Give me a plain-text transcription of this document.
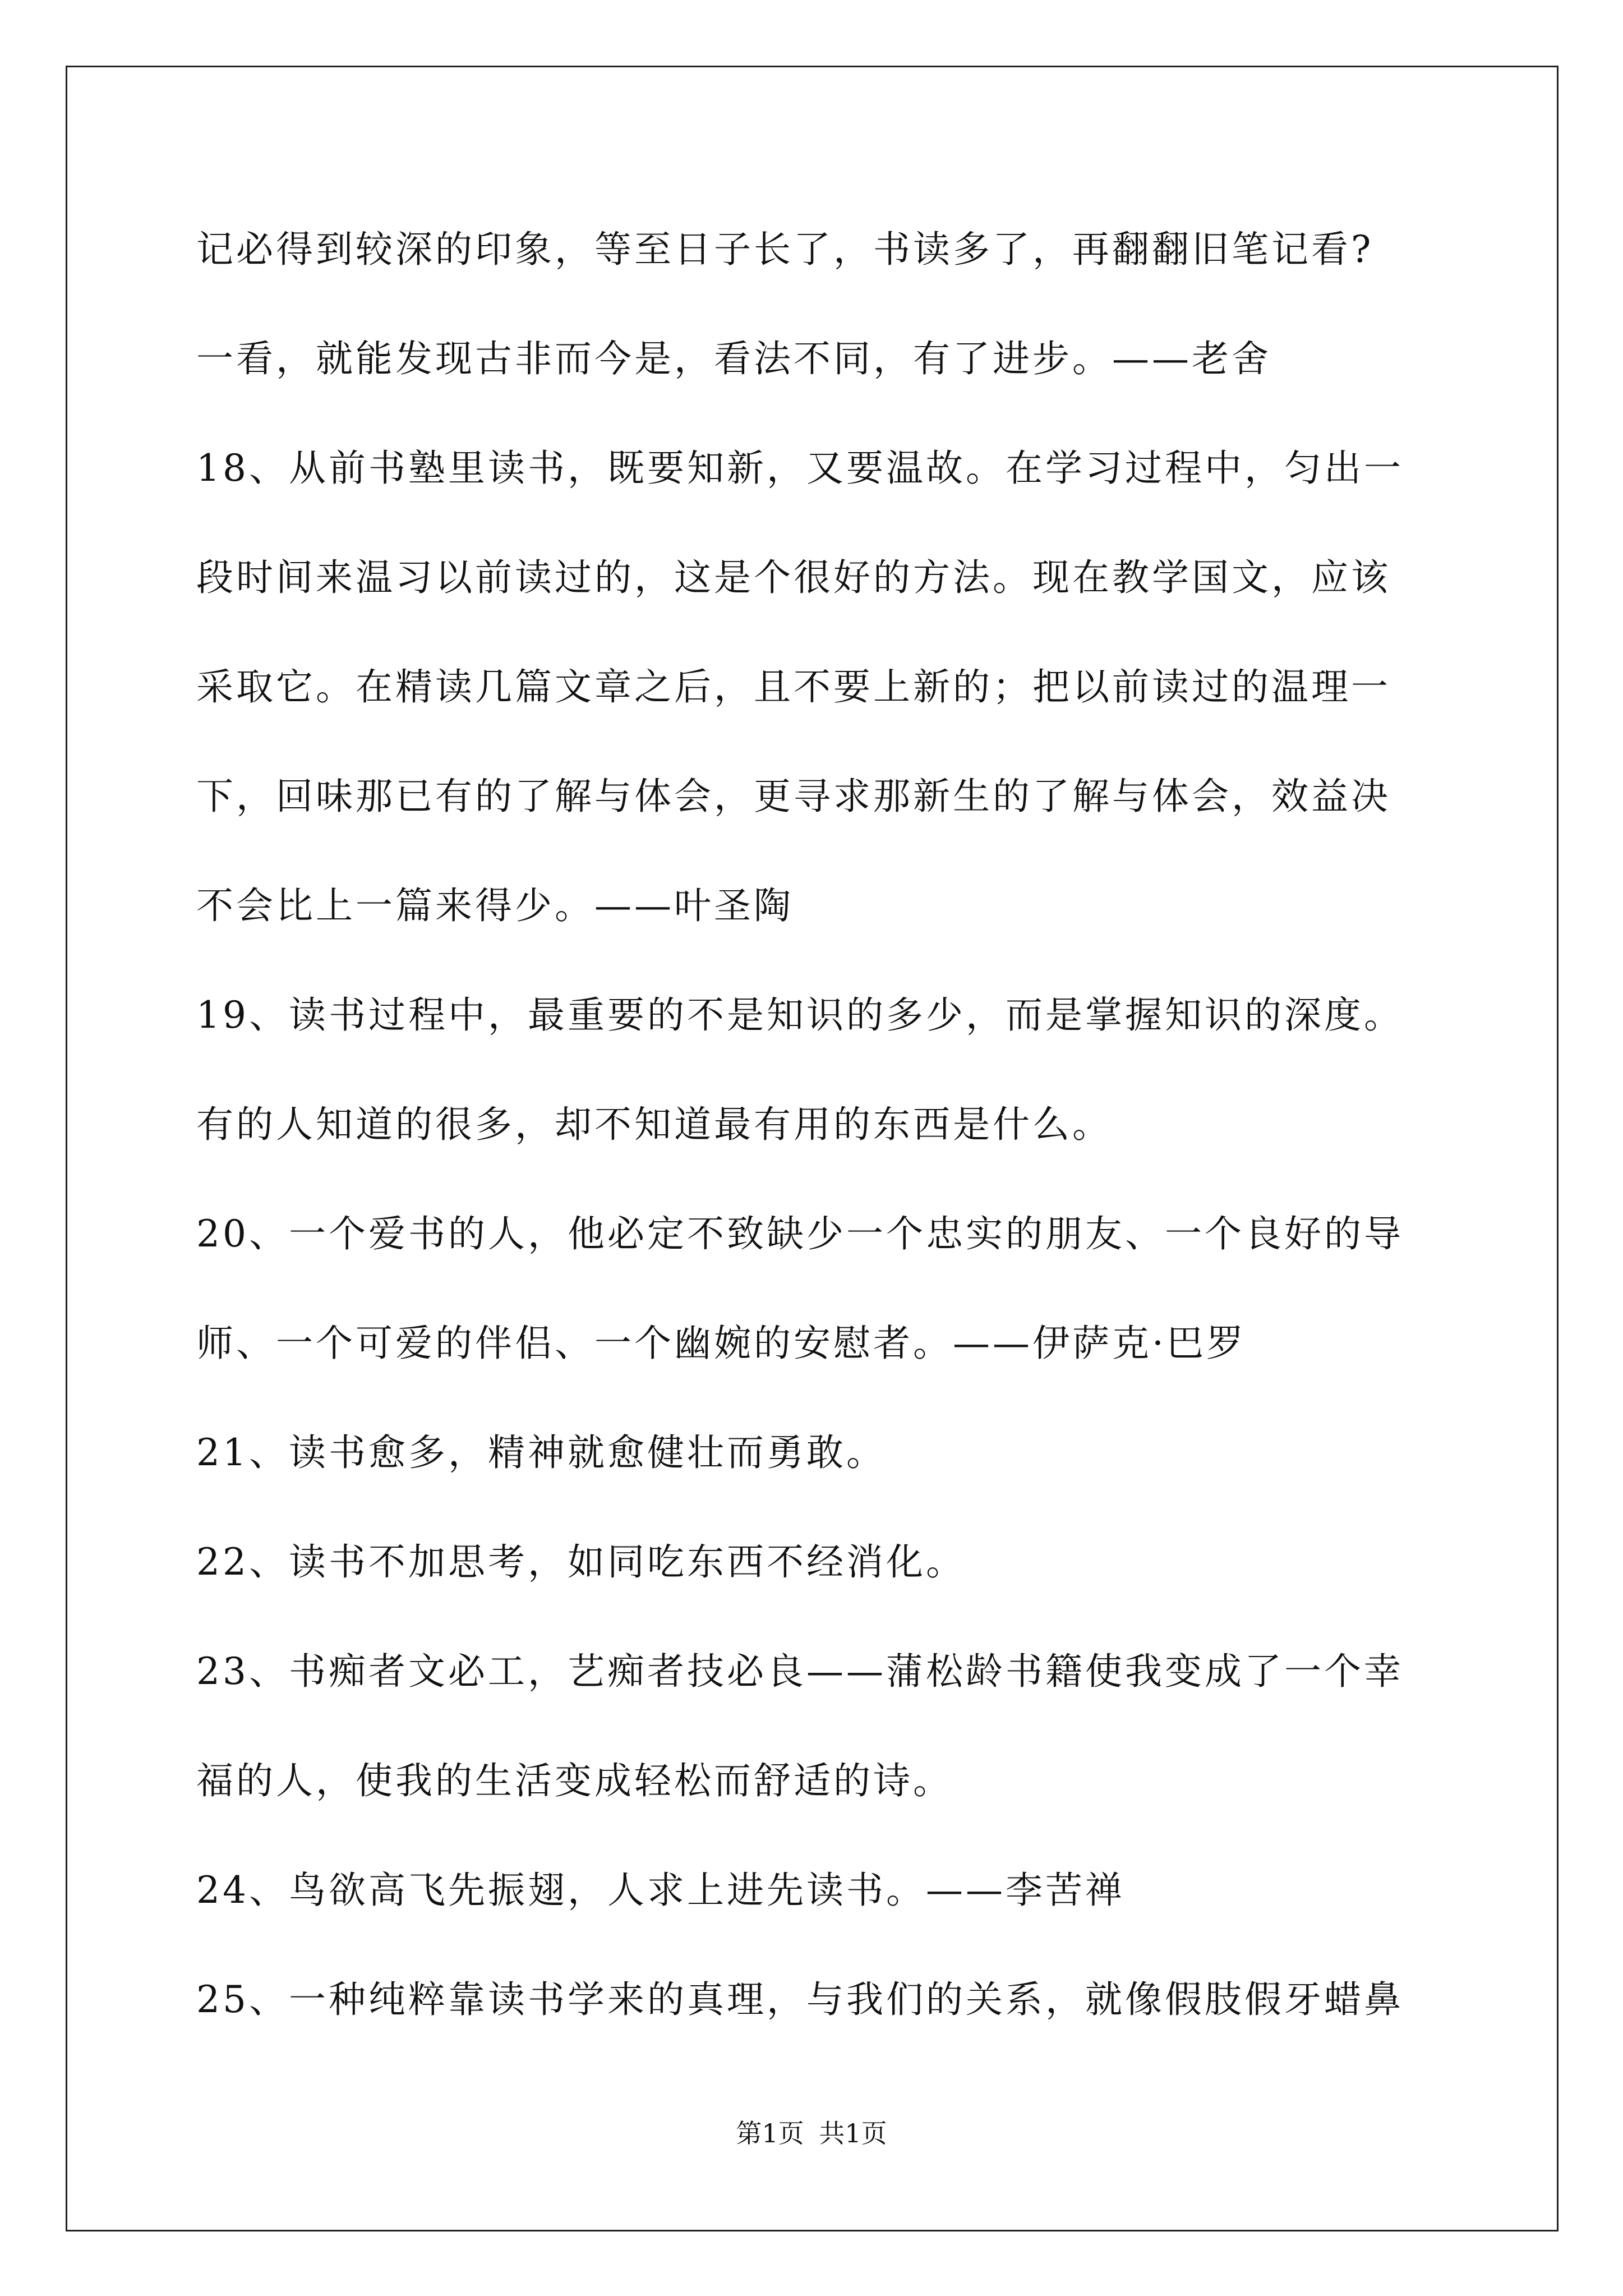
记必得到较深的印象，等至日子长了，书读多了，再翻翻旧笔记看?
一看，就能发现古非而今是，看法不同，有了进步。——老舍
18、从前书塾里读书，既要知新，又要温故。在学习过程中，匀出一
段时间来温习以前读过的，这是个很好的方法。现在教学国文，应该
采取它。在精读几篇文章之后，且不要上新的；把以前读过的温理一
下，回味那已有的了解与体会，更寻求那新生的了解与体会，效益决
不会比上一篇来得少。——叶圣陶
19、读书过程中，最重要的不是知识的多少，而是掌握知识的深度。
有的人知道的很多，却不知道最有用的东西是什么。
20、一个爱书的人，他必定不致缺少一个忠实的朋友、一个良好的导
师、一个可爱的伴侣、一个幽婉的安慰者。——伊萨克·巴罗
21、读书愈多，精神就愈健壮而勇敢。
22、读书不加思考，如同吃东西不经消化。
23、书痴者文必工，艺痴者技必良——蒲松龄书籍使我变成了一个幸
福的人，使我的生活变成轻松而舒适的诗。
24、鸟欲高飞先振翅，人求上进先读书。——李苦禅
25、一种纯粹靠读书学来的真理，与我们的关系，就像假肢假牙蜡鼻
第1页 共1页
